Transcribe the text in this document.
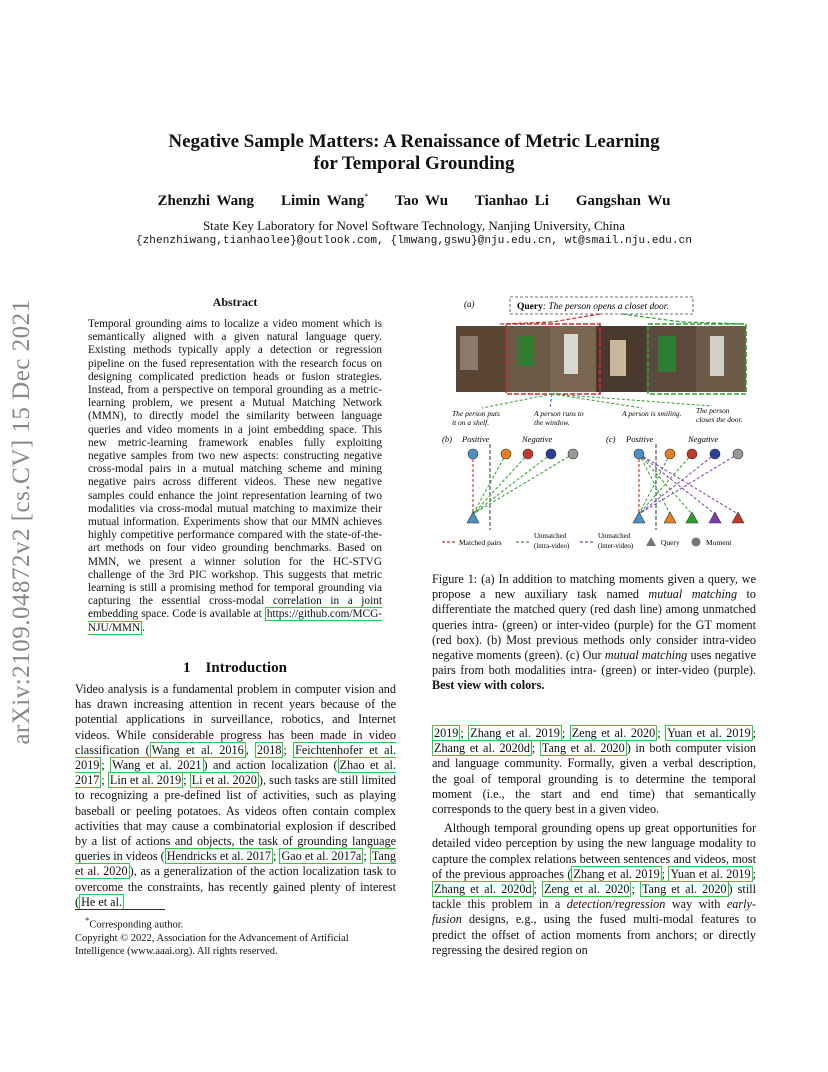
Negative Sample Matters: A Renaissance of Metric Learning
for Temporal Grounding
Zhenzhi Wang Limin Wang* Tao Wu Tianhao Li Gangshan Wu
State Key Laboratory for Novel Software Technology, Nanjing University, China
{zhenzhiwang,tianhaolee}@outlook.com, {lmwang,gswu}@nju.edu.cn, wt@smail.nju.edu.cn
arXiv:2109.04872v2 [cs.CV] 15 Dec 2021	Abstract
Temporal grounding aims to localize a video moment which is semantically aligned with a given natural language query. Existing methods typically apply a detection or regression pipeline on the fused representation with the research focus on designing complicated prediction heads or fusion strategies. Instead, from a perspective on temporal grounding as a metric-learning problem, we present a Mutual Matching Network (MMN), to directly model the similarity between language queries and video moments in a joint embedding space. This new metric-learning framework enables fully exploiting negative samples from two new aspects: constructing negative cross-modal pairs in a mutual matching scheme and mining negative pairs across different videos. These new negative samples could enhance the joint representation learning of two modalities via cross-modal mutual matching to maximize their mutual information. Experiments show that our MMN achieves highly competitive performance compared with the state-of-the-art methods on four video grounding benchmarks. Based on MMN, we present a winner solution for the HC-STVG challenge of the 3rd PIC workshop. This suggests that metric learning is still a promising method for temporal grounding via capturing the essential cross-modal correlation in a joint embedding space. Code is available at https://github.com/MCG-NJU/MMN .
1 Introduction
Video analysis is a fundamental problem in computer vision and has drawn increasing attention in recent years because of the potential applications in surveillance, robotics, and Internet videos. While considerable progress has been made in video classification ( Wang et al. 2016 , 2018 ; Feichtenhofer et al. 2019 ; Wang et al. 2021 ) and action localization ( Zhao et al. 2017 ; Lin et al. 2019 ; Li et al. 2020 ), such tasks are still limited to recognizing a pre-defined list of activities, such as playing baseball or peeling potatoes. As videos often contain complex activities that may cause a combinatorial explosion if described by a list of actions and objects, the task of grounding language queries in videos ( Hendricks et al. 2017 ; Gao et al. 2017a ; Tang et al. 2020 ), as a generalization of the action localization task to overcome the constraints, has recently gained plenty of interest ( He et al.
*Corresponding author.
Copyright © 2022, Association for the Advancement of Artificial Intelligence (www.aaai.org). All rights reserved.
(a)	Query: The person opens a closet door.
The person puts it on a shelf.
A person runs to the window.
A person is smiling. The person closes the door.
(b) Positive	Negative	(c) Positive	Negative
Matched pairs
Unmatched
(intra-video)
Unmatched
(inter-video)	Query	Moment
Figure 1: (a) In addition to matching moments given a query, we propose a new auxiliary task named mutual matching to differentiate the matched query (red dash line) among unmatched queries intra- (green) or inter-video (purple) for the GT moment (red box). (b) Most previous methods only consider intra-video negative moments (green). (c) Our mutual matching uses negative pairs from both modalities intra- (green) or inter-video (purple). Best view with colors.

2019 ; Zhang et al. 2019 ; Zeng et al. 2020 ; Yuan et al. 2019 ; Zhang et al. 2020d ; Tang et al. 2020 ) in both computer vision and language community. Formally, given a verbal description, the goal of temporal grounding is to determine the temporal moment (i.e., the start and end time) that semantically corresponds to the query best in a given video.

Although temporal grounding opens up great opportunities for detailed video perception by using the new language modality to capture the complex relations between sentences and videos, most of the previous approaches ( Zhang et al. 2019 ; Yuan et al. 2019 ; Zhang et al. 2020d ; Zeng et al. 2020 ; Tang et al. 2020 ) still tackle this problem in a detection/regression way with early-fusion designs, e.g., using the fused multi-modal features to predict the offset of action moments from anchors; or directly regressing the desired region on
